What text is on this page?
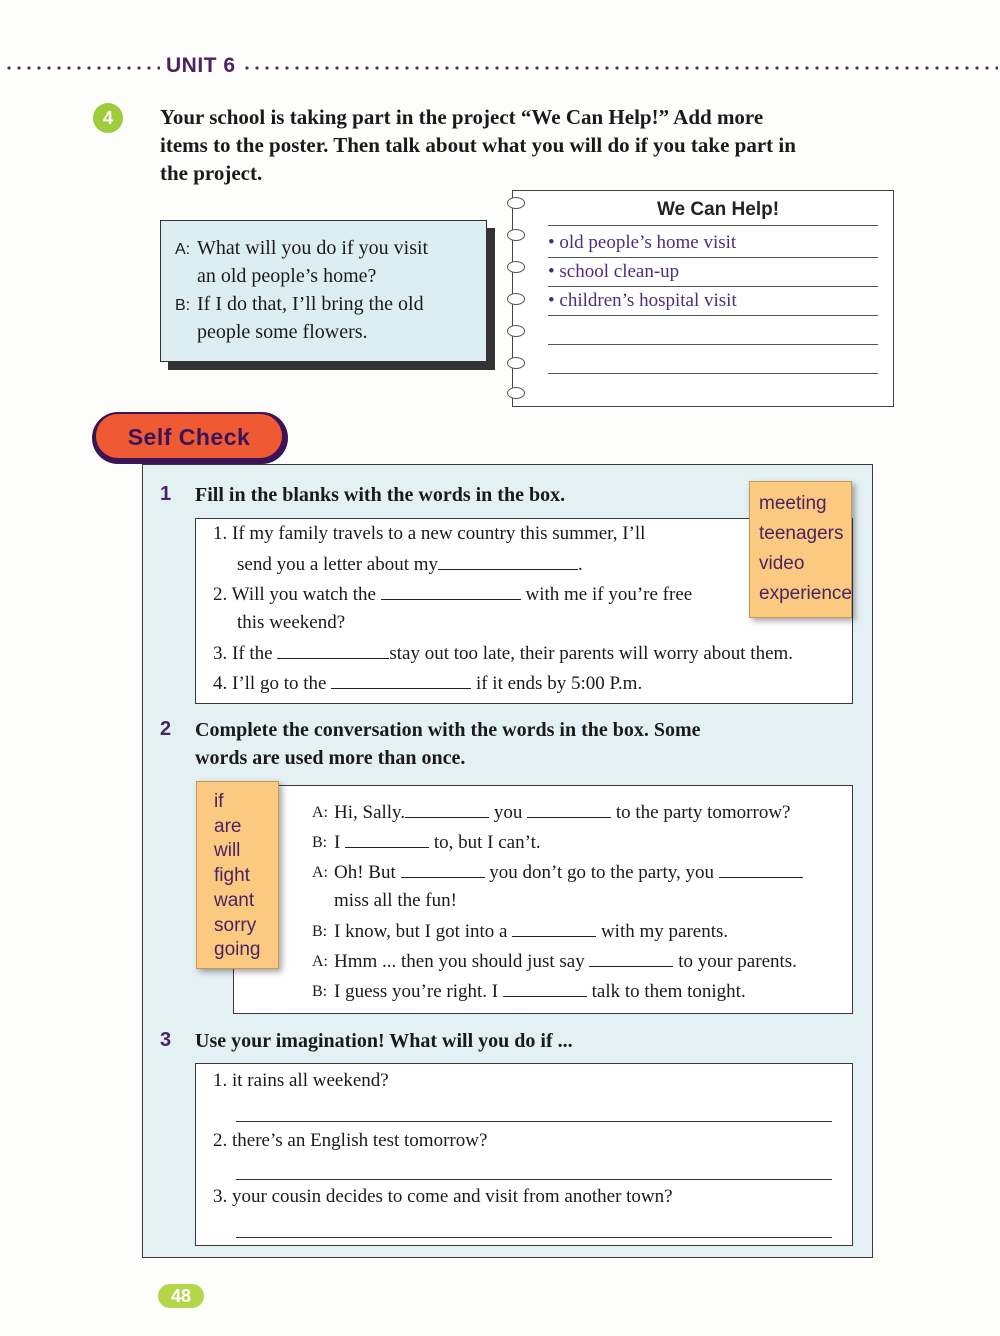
UNIT 6
4	Your school is taking part in the project “We Can Help!” Add more
items to the poster. Then talk about what you will do if you take part in
the project.
A: What will you do if you visit
an old people’s home?
B: If I do that, I’ll bring the old
people some flowers.
We Can Help!
• old people’s home visit
• school clean-up
• children’s hospital visit
Self Check
1 Fill in the blanks with the words in the box.
1. If my family travels to a new country this summer, I’ll
send you a letter about my	.
2. Will you watch the	with me if you’re free
this weekend?
3. If the	stay out too late, their parents will worry about them.
4. I’ll go to the	if it ends by 5:00 P.m.
meeting
teenagers
video
experience
2 Complete the conversation with the words in the box. Some
words are used more than once.
if
are
will
fight
want
sorry
going
A: Hi, Sally.	you	to the party tomorrow?
B: I	to, but I can’t.
A: Oh! But	you don’t go to the party, you
miss all the fun!
B: I know, but I got into a	with my parents.
A: Hmm ... then you should just say	to your parents.
B: I guess you’re right. I	talk to them tonight.
3 Use your imagination! What will you do if ...
1. it rains all weekend?
2. there’s an English test tomorrow?
3. your cousin decides to come and visit from another town?
48
